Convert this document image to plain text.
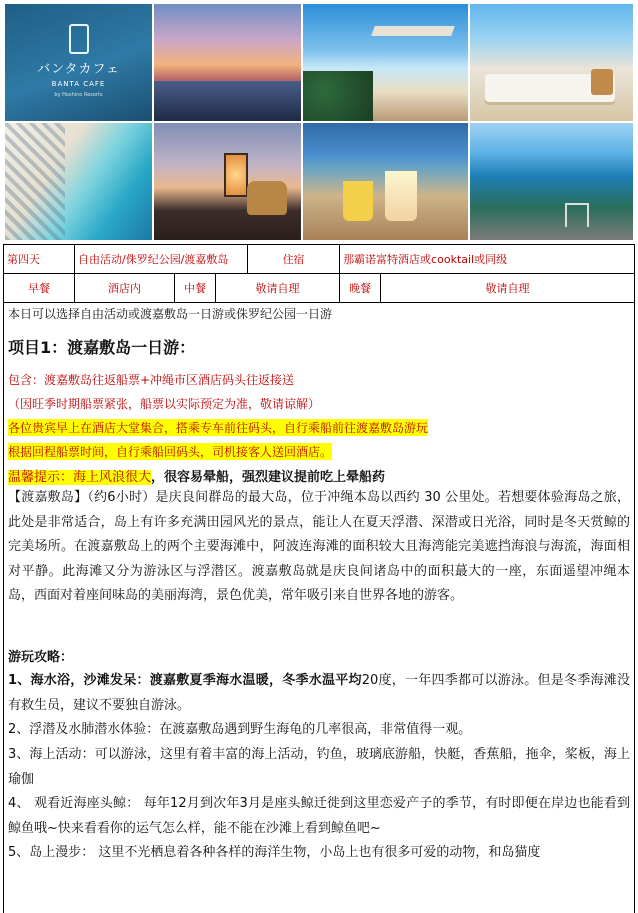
バンタカフェ
BANTA CAFE
by Hoshino Resorts
第四天	自由活动/侏罗纪公园/渡嘉敷岛			住宿	那霸诺富特酒店或cooktail或同级	
早餐	酒店内	中餐	敬请自理		晚餐	敬请自理
本日可以选择自由活动或渡嘉敷岛一日游或侏罗纪公园一日游
项目1：渡嘉敷岛一日游：
包含：渡嘉敷岛往返船票+冲绳市区酒店码头往返接送
（因旺季时期船票紧张，船票以实际预定为准，敬请谅解）
各位贵宾早上在酒店大堂集合，搭乘专车前往码头，自行乘船前往渡嘉敷岛游玩
根据回程船票时间，自行乘船回码头，司机接客人送回酒店。
温馨提示：海上风浪很大，很容易晕船，强烈建议提前吃上晕船药
【渡嘉敷岛】（约6小时）是庆良间群岛的最大岛，位于冲绳本岛以西约 30 公里处。若想要体验海岛之旅，此处是非常适合，岛上有许多充满田园风光的景点，能让人在夏天浮潜、深潜或日光浴，同时是冬天赏鲸的完美场所。在渡嘉敷岛上的两个主要海滩中，阿波连海滩的面积较大且海湾能完美遮挡海浪与海流，海面相对平静。此海滩又分为游泳区与浮潜区。渡嘉敷岛就是庆良间诸岛中的面积蕞大的一座，东面遥望冲绳本岛，西面对着座间味岛的美丽海湾，景色优美，常年吸引来自世界各地的游客。
游玩攻略：
1、海水浴，沙滩发呆：渡嘉敷夏季海水温暖，冬季水温平均20度，一年四季都可以游泳。但是冬季海滩没有救生员，建议不要独自游泳。
2、浮潜及水肺潜水体验：在渡嘉敷岛遇到野生海龟的几率很高，非常值得一观。
3、海上活动：可以游泳，这里有着丰富的海上活动，钓鱼，玻璃底游船，快艇，香蕉船，拖伞，桨板，海上瑜伽
4、 观看近海座头鲸： 每年12月到次年3月是座头鲸迁徙到这里恋爱产子的季节，有时即便在岸边也能看到鲸鱼哦~快来看看你的运气怎么样，能不能在沙滩上看到鲸鱼吧~
5、岛上漫步： 这里不光栖息着各种各样的海洋生物，小岛上也有很多可爱的动物，和岛猫度
